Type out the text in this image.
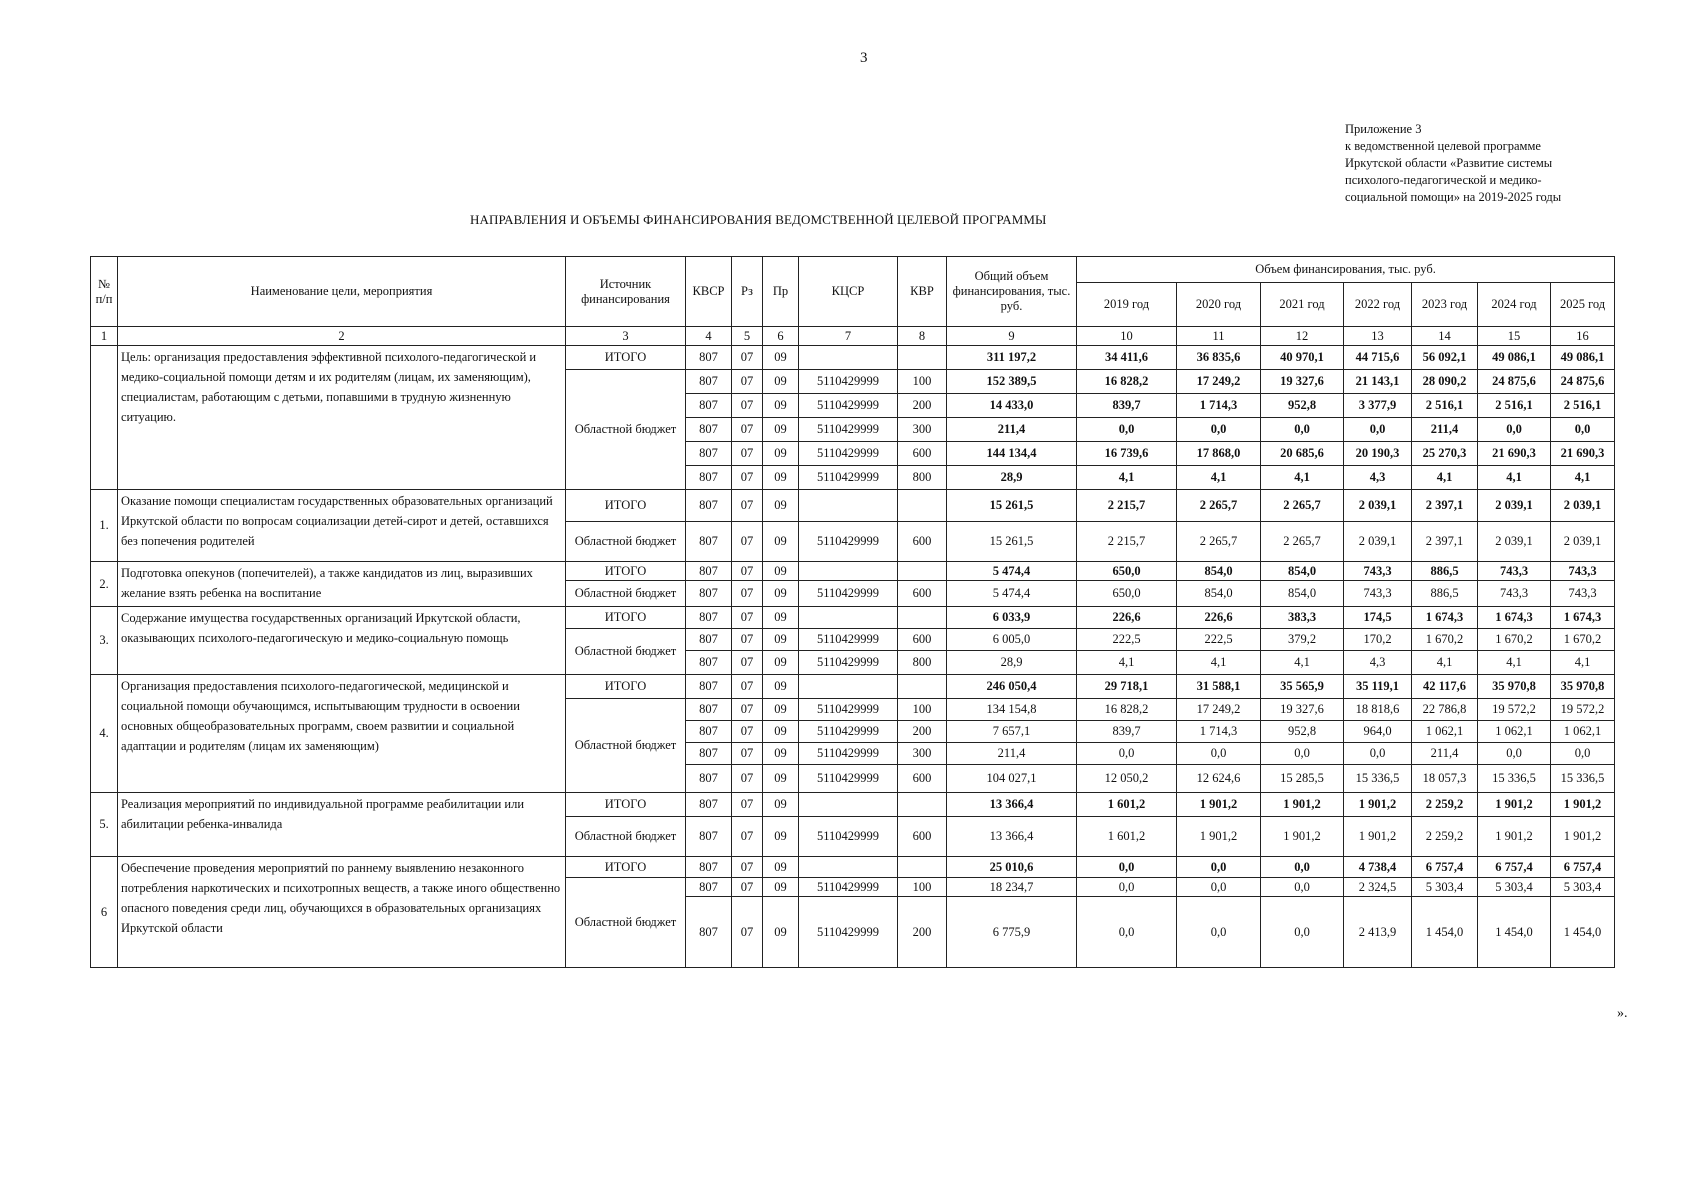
3
Приложение 3
к ведомственной целевой программе
Иркутской области «Развитие системы
психолого-педагогической и медико-
социальной помощи» на 2019-2025 годы
НАПРАВЛЕНИЯ И ОБЪЕМЫ ФИНАНСИРОВАНИЯ ВЕДОМСТВЕННОЙ ЦЕЛЕВОЙ ПРОГРАММЫ
№ п/п	Наименование цели, мероприятия	Источник финансирования	КВСР	Рз	Пр	КЦСР	КВР	Общий объем финансирования, тыс. руб.	Объем финансирования, тыс. руб.						
									2019 год	2020 год	2021 год	2022 год	2023 год	2024 год	2025 год
1	2	3	4	5	6	7	8	9	10	11	12	13	14	15	16
	Цель: организация предоставления эффективной психолого-педагогической и медико-социальной помощи детям и их родителям (лицам, их заменяющим), специалистам, работающим с детьми, попавшими в трудную жизненную ситуацию.	ИТОГО	807	07	09			311 197,2	34 411,6	36 835,6	40 970,1	44 715,6	56 092,1	49 086,1	49 086,1
		Областной бюджет	807	07	09	5110429999	100	152 389,5	16 828,2	17 249,2	19 327,6	21 143,1	28 090,2	24 875,6	24 875,6
			807	07	09	5110429999	200	14 433,0	839,7	1 714,3	952,8	3 377,9	2 516,1	2 516,1	2 516,1
			807	07	09	5110429999	300	211,4	0,0	0,0	0,0	0,0	211,4	0,0	0,0
			807	07	09	5110429999	600	144 134,4	16 739,6	17 868,0	20 685,6	20 190,3	25 270,3	21 690,3	21 690,3
			807	07	09	5110429999	800	28,9	4,1	4,1	4,1	4,3	4,1	4,1	4,1
1.	Оказание помощи специалистам государственных образовательных организаций Иркутской области по вопросам социализации детей-сирот и детей, оставшихся без попечения родителей	ИТОГО	807	07	09			15 261,5	2 215,7	2 265,7	2 265,7	2 039,1	2 397,1	2 039,1	2 039,1
		Областной бюджет	807	07	09	5110429999	600	15 261,5	2 215,7	2 265,7	2 265,7	2 039,1	2 397,1	2 039,1	2 039,1
2.	Подготовка опекунов (попечителей), а также кандидатов из лиц, выразивших желание взять ребенка на воспитание	ИТОГО	807	07	09			5 474,4	650,0	854,0	854,0	743,3	886,5	743,3	743,3
		Областной бюджет	807	07	09	5110429999	600	5 474,4	650,0	854,0	854,0	743,3	886,5	743,3	743,3
3.	Содержание имущества государственных организаций Иркутской области, оказывающих психолого-педагогическую и медико-социальную помощь	ИТОГО	807	07	09			6 033,9	226,6	226,6	383,3	174,5	1 674,3	1 674,3	1 674,3
		Областной бюджет	807	07	09	5110429999	600	6 005,0	222,5	222,5	379,2	170,2	1 670,2	1 670,2	1 670,2
			807	07	09	5110429999	800	28,9	4,1	4,1	4,1	4,3	4,1	4,1	4,1
4.	Организация предоставления психолого-педагогической, медицинской и социальной помощи обучающимся, испытывающим трудности в освоении основных общеобразовательных программ, своем развитии и социальной адаптации и родителям (лицам их заменяющим)	ИТОГО	807	07	09			246 050,4	29 718,1	31 588,1	35 565,9	35 119,1	42 117,6	35 970,8	35 970,8
		Областной бюджет	807	07	09	5110429999	100	134 154,8	16 828,2	17 249,2	19 327,6	18 818,6	22 786,8	19 572,2	19 572,2
			807	07	09	5110429999	200	7 657,1	839,7	1 714,3	952,8	964,0	1 062,1	1 062,1	1 062,1
			807	07	09	5110429999	300	211,4	0,0	0,0	0,0	0,0	211,4	0,0	0,0
			807	07	09	5110429999	600	104 027,1	12 050,2	12 624,6	15 285,5	15 336,5	18 057,3	15 336,5	15 336,5
5.	Реализация мероприятий по индивидуальной программе реабилитации или абилитации ребенка-инвалида	ИТОГО	807	07	09			13 366,4	1 601,2	1 901,2	1 901,2	1 901,2	2 259,2	1 901,2	1 901,2
		Областной бюджет	807	07	09	5110429999	600	13 366,4	1 601,2	1 901,2	1 901,2	1 901,2	2 259,2	1 901,2	1 901,2
6	Обеспечение проведения мероприятий по раннему выявлению незаконного потребления наркотических и психотропных веществ, а также иного общественно опасного поведения среди лиц, обучающихся в образовательных организациях Иркутской области	ИТОГО	807	07	09			25 010,6	0,0	0,0	0,0	4 738,4	6 757,4	6 757,4	6 757,4
		Областной бюджет	807	07	09	5110429999	100	18 234,7	0,0	0,0	0,0	2 324,5	5 303,4	5 303,4	5 303,4
			807	07	09	5110429999	200	6 775,9	0,0	0,0	0,0	2 413,9	1 454,0	1 454,0	1 454,0
».
